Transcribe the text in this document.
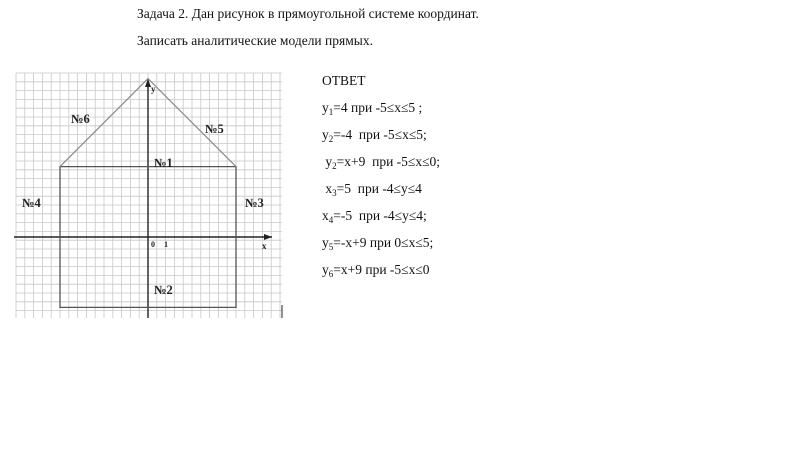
Задача 2. Дан рисунок в прямоугольной системе координат.
Записать аналитические модели прямых.
y
x
0 1
№1
№2
№3
№4
№5
№6
ОТВЕТ
$y_1=4$ при -5≤x≤5 ;
$y_2=-4$  при -5≤x≤5;
$y_2=x+9$  при -5≤x≤0;
$x_3=5$  при -4≤y≤4
$x_4=-5$  при -4≤y≤4;
$y_5=-x+9$ при 0≤x≤5;
$y_6=x+9$ при -5≤x≤0
